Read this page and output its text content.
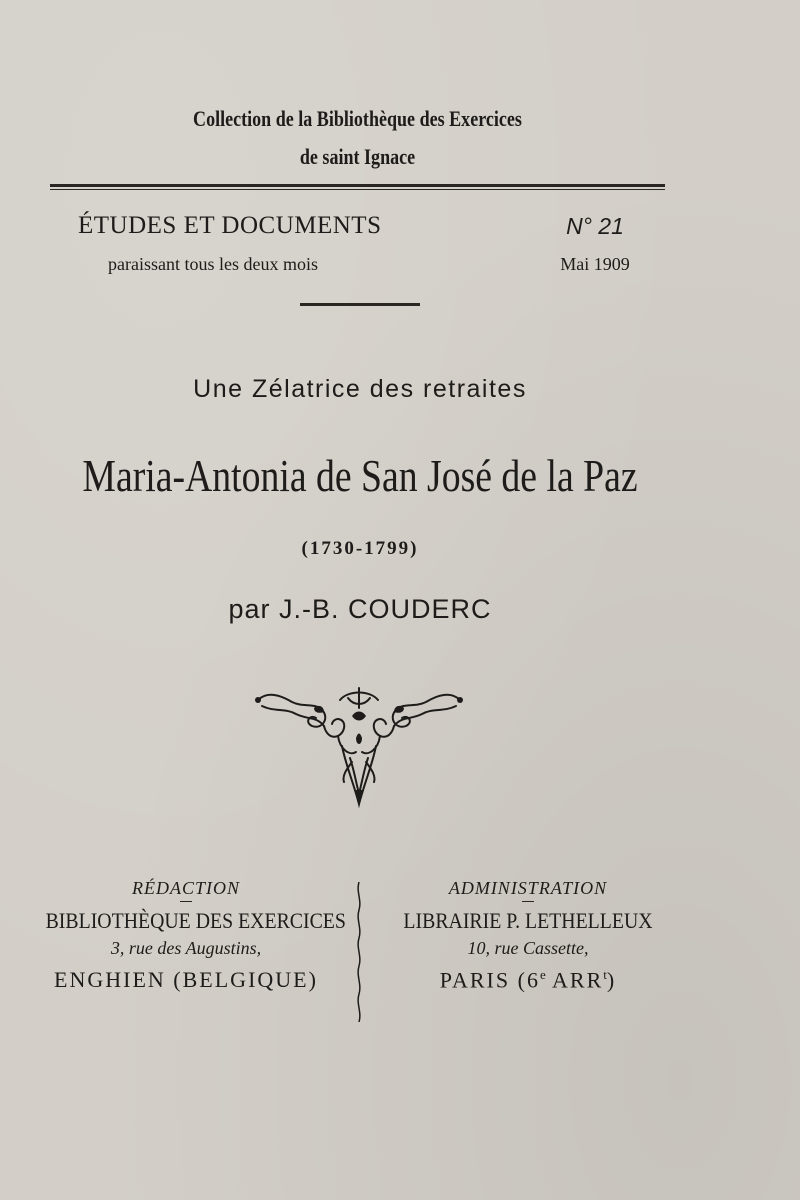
Collection de la Bibliothèque des Exercices
de saint Ignace
ÉTUDES ET DOCUMENTS
paraissant tous les deux mois
N° 21
Mai 1909
Une Zélatrice des retraites
Maria-Antonia de San José de la Paz
(1730-1799)
par J.-B. COUDERC
RÉDACTION
BIBLIOTHÈQUE DES EXERCICES
3, rue des Augustins,
ENGHIEN (BELGIQUE)
ADMINISTRATION
LIBRAIRIE P. LETHELLEUX
10, rue Cassette,
PARIS (6e ARR$^t$)
